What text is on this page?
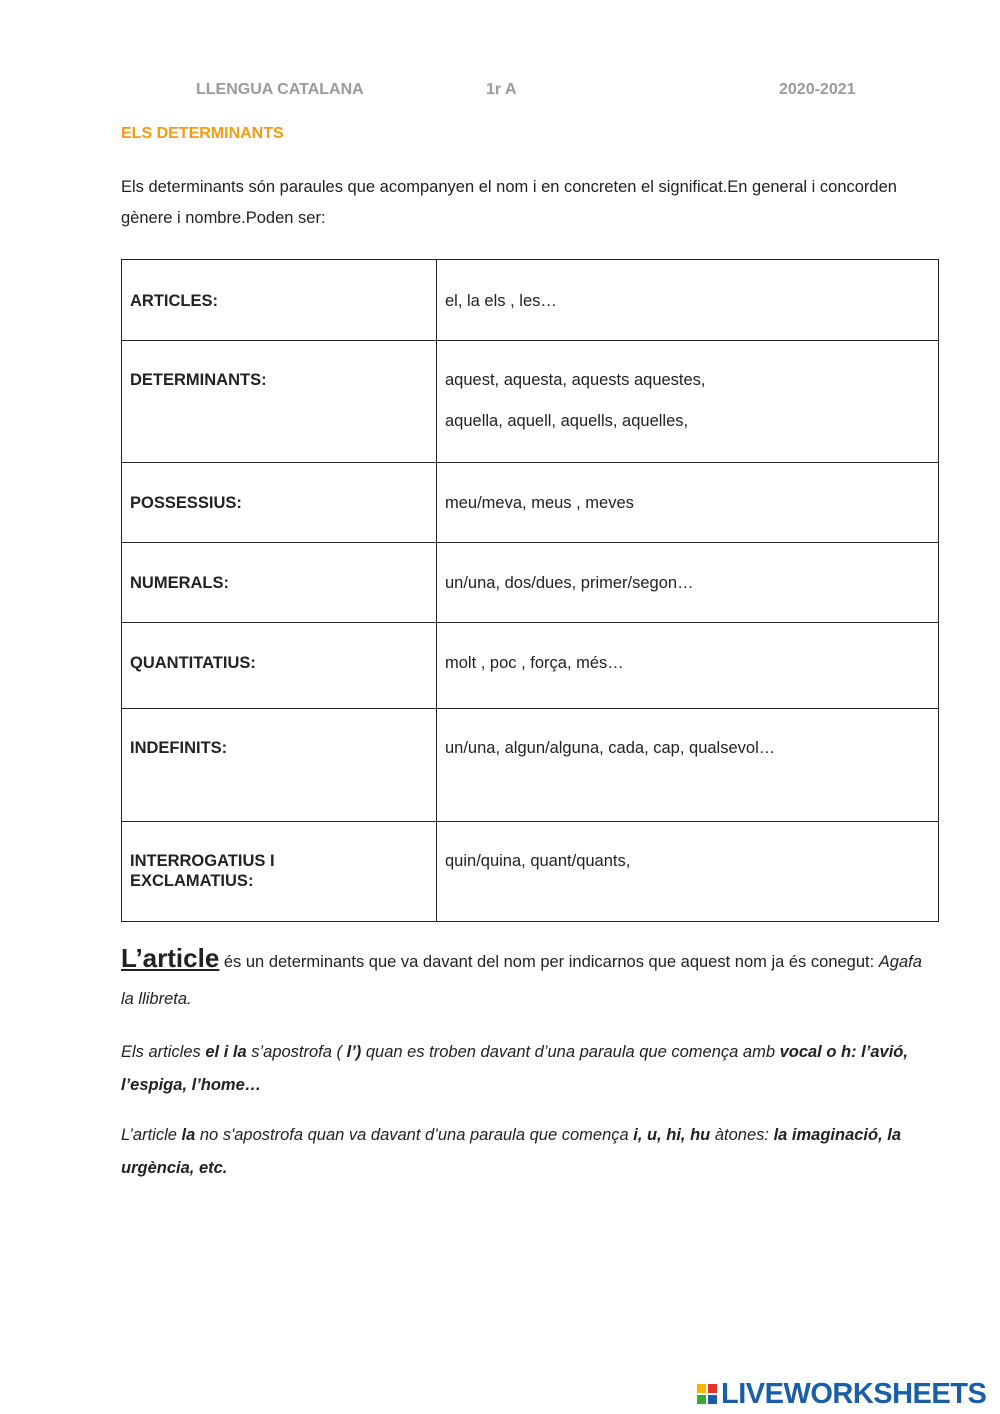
LLENGUA CATALANA	1r A	2020-2021
ELS DETERMINANTS
Els determinants són paraules que acompanyen el nom i en concreten el significat.En general i concorden gènere i nombre.Poden ser:
ARTICLES:	el, la els , les…

DETERMINANTS:	aquest, aquesta, aquests aquestes,
aquella, aquell, aquells, aquelles,

POSSESSIUS:	meu/meva, meus , meves

NUMERALS:	un/una, dos/dues, primer/segon…

QUANTITATIUS:	molt , poc , força, més…

INDEFINITS:	un/una, algun/alguna, cada, cap, qualsevol…

INTERROGATIUS I EXCLAMATIUS:	quin/quina, quant/quants,
L’article és un determinants que va davant del nom per indicarnos que aquest nom ja és conegut: Agafa la llibreta.
Els articles el i la s’apostrofa ( l’) quan es troben davant d’una paraula que comença amb vocal o h: l’avió, l’espiga, l’home…
L’article la no s'apostrofa quan va davant d’una paraula que comença i, u, hi, hu àtones: la imaginació, la urgència, etc.
LIVEWORKSHEETS
